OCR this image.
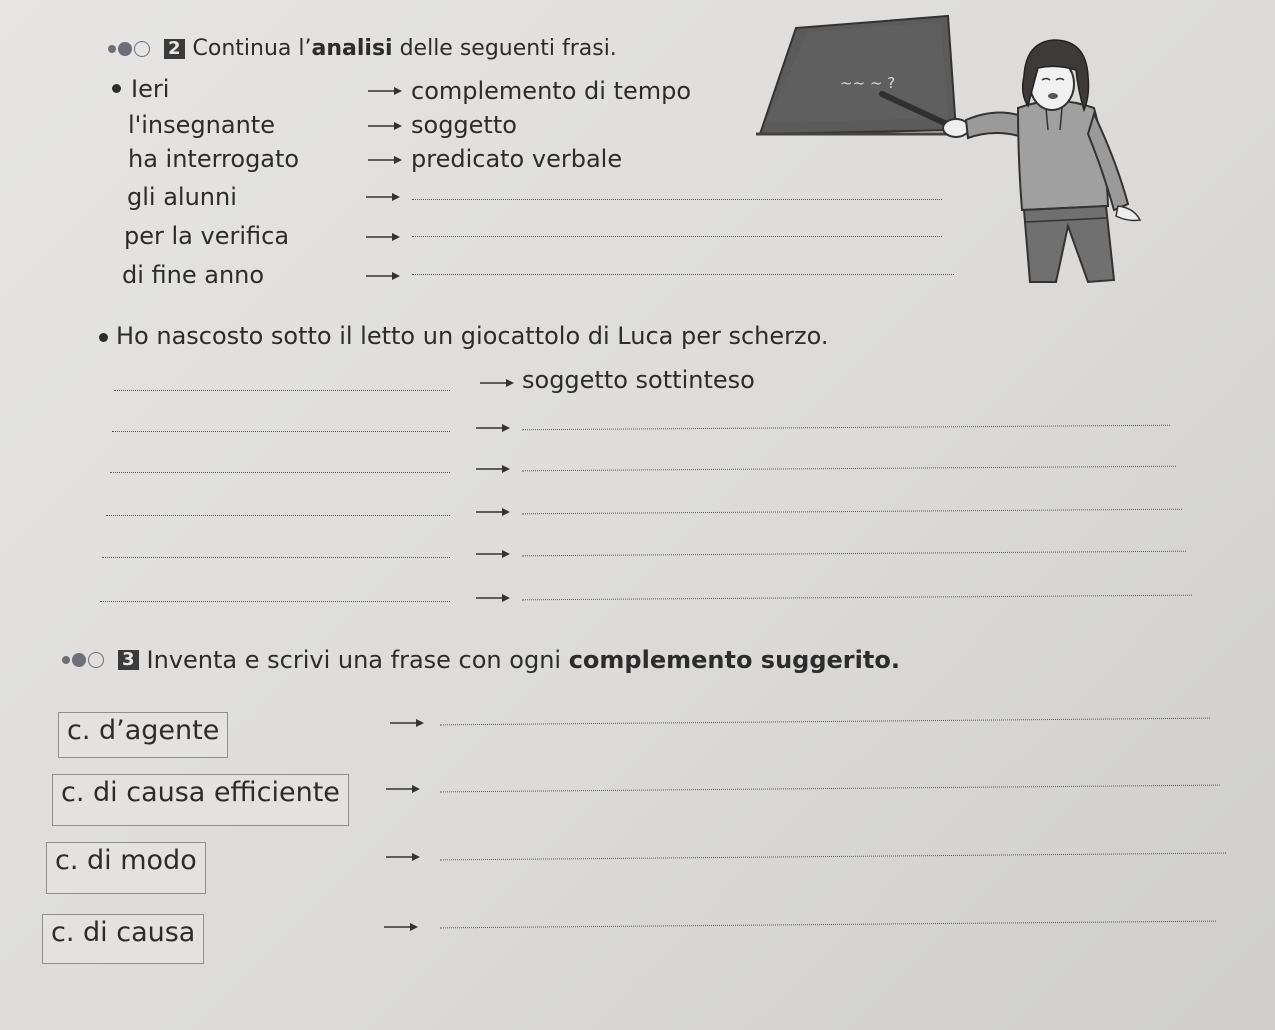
2 Continua l’analisi delle seguenti frasi.
Ieri
l'insegnante
ha interrogato
gli alunni
per la verifica
di fine anno
complemento di tempo
soggetto
predicato verbale
~~ ~ ?
Ho nascosto sotto il letto un giocattolo di Luca per scherzo.
soggetto sottinteso
3 Inventa e scrivi una frase con ogni complemento suggerito.
c. d’agente
c. di causa efficiente
c. di modo
c. di causa
